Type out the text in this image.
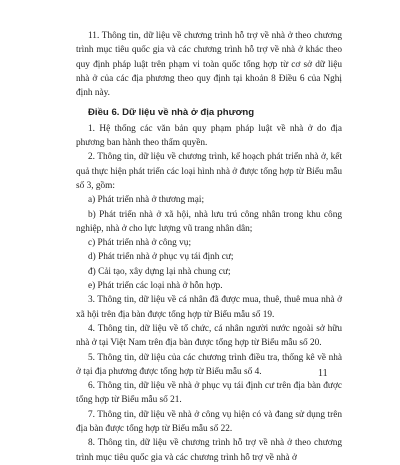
11. Thông tin, dữ liệu về chương trình hỗ trợ về nhà ở theo chương trình mục tiêu quốc gia và các chương trình hỗ trợ về nhà ở khác theo quy định pháp luật trên phạm vi toàn quốc tổng hợp từ cơ sở dữ liệu nhà ở của các địa phương theo quy định tại khoản 8 Điều 6 của Nghị định này.

Điều 6. Dữ liệu về nhà ở địa phương

1. Hệ thống các văn bản quy phạm pháp luật về nhà ở do địa phương ban hành theo thẩm quyền.

2. Thông tin, dữ liệu về chương trình, kế hoạch phát triển nhà ở, kết quả thực hiện phát triển các loại hình nhà ở được tổng hợp từ Biểu mẫu số 3, gồm:

a) Phát triển nhà ở thương mại;

b) Phát triển nhà ở xã hội, nhà lưu trú công nhân trong khu công nghiệp, nhà ở cho lực lượng vũ trang nhân dân;

c) Phát triển nhà ở công vụ;

d) Phát triển nhà ở phục vụ tái định cư;

đ) Cải tạo, xây dựng lại nhà chung cư;

e) Phát triển các loại nhà ở hỗn hợp.

3. Thông tin, dữ liệu về cá nhân đã được mua, thuê, thuê mua nhà ở xã hội trên địa bàn được tổng hợp từ Biểu mẫu số 19.

4. Thông tin, dữ liệu về tổ chức, cá nhân người nước ngoài sở hữu nhà ở tại Việt Nam trên địa bàn được tổng hợp từ Biểu mẫu số 20.

5. Thông tin, dữ liệu của các chương trình điều tra, thống kê về nhà ở tại địa phương được tổng hợp từ Biểu mẫu số 4.

6. Thông tin, dữ liệu về nhà ở phục vụ tái định cư trên địa bàn được tổng hợp từ Biểu mẫu số 21.

7. Thông tin, dữ liệu về nhà ở công vụ hiện có và đang sử dụng trên địa bàn được tổng hợp từ Biểu mẫu số 22.

8. Thông tin, dữ liệu về chương trình hỗ trợ về nhà ở theo chương trình mục tiêu quốc gia và các chương trình hỗ trợ về nhà ở

11
